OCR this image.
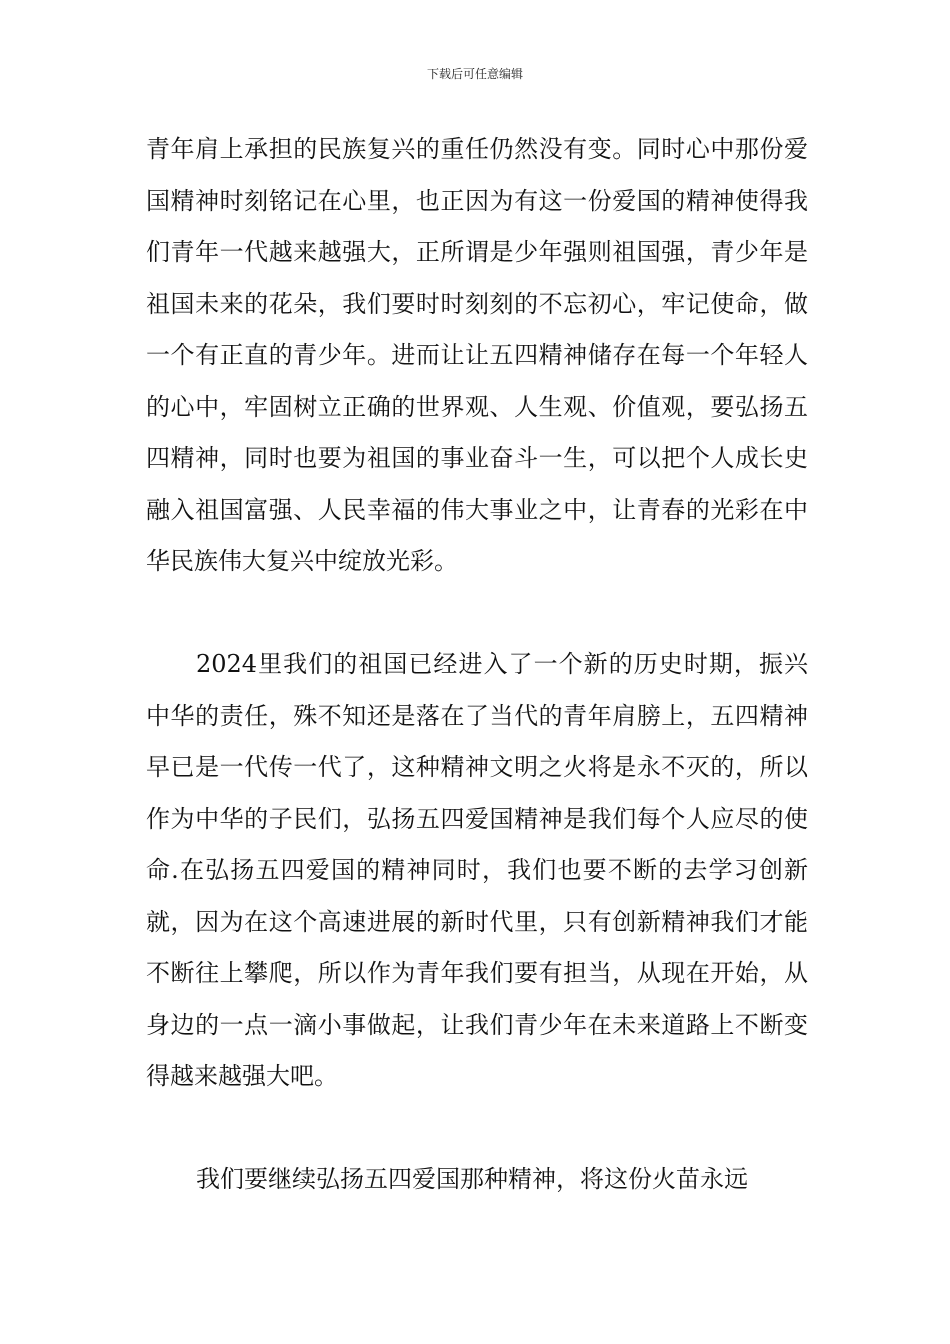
下载后可任意编辑

青年肩上承担的民族复兴的重任仍然没有变。同时心中那份爱国精神时刻铭记在心里，也正因为有这一份爱国的精神使得我们青年一代越来越强大，正所谓是少年强则祖国强，青少年是祖国未来的花朵，我们要时时刻刻的不忘初心，牢记使命，做一个有正直的青少年。进而让让五四精神储存在每一个年轻人的心中，牢固树立正确的世界观、人生观、价值观，要弘扬五四精神，同时也要为祖国的事业奋斗一生，可以把个人成长史融入祖国富强、人民幸福的伟大事业之中，让青春的光彩在中华民族伟大复兴中绽放光彩。

2024里我们的祖国已经进入了一个新的历史时期，振兴中华的责任，殊不知还是落在了当代的青年肩膀上，五四精神早已是一代传一代了，这种精神文明之火将是永不灭的，所以作为中华的子民们，弘扬五四爱国精神是我们每个人应尽的使命.在弘扬五四爱国的精神同时，我们也要不断的去学习创新就，因为在这个高速进展的新时代里，只有创新精神我们才能不断往上攀爬，所以作为青年我们要有担当，从现在开始，从身边的一点一滴小事做起，让我们青少年在未来道路上不断变得越来越强大吧。

我们要继续弘扬五四爱国那种精神，将这份火苗永远
